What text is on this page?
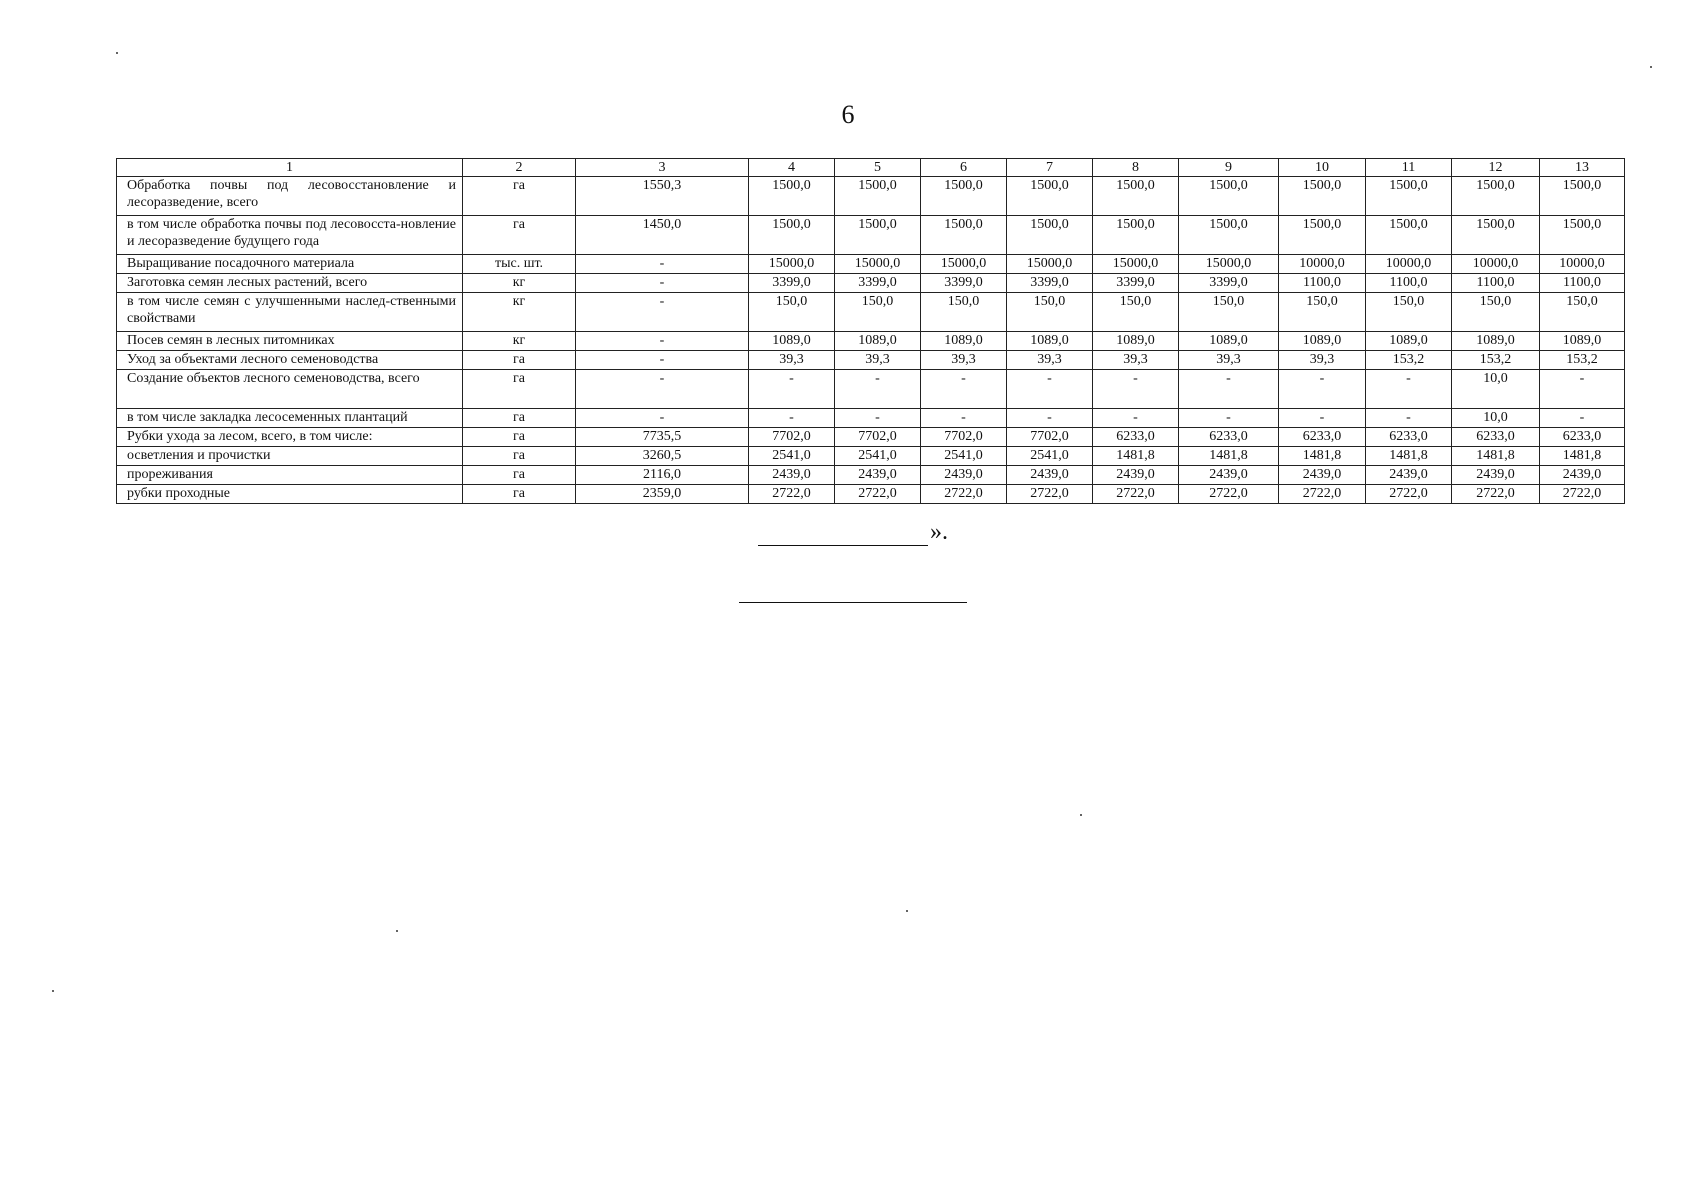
6
1	2	3	4	5	6	7	8	9	10	11	12	13
Обработка почвы под лесовосстановление и лесоразведение, всего	га	1550,3	1500,0	1500,0	1500,0	1500,0	1500,0	1500,0	1500,0	1500,0	1500,0	1500,0
в том числе обработка почвы под лесовосста-новление и лесоразведение будущего года	га	1450,0	1500,0	1500,0	1500,0	1500,0	1500,0	1500,0	1500,0	1500,0	1500,0	1500,0
Выращивание посадочного материала	тыс. шт.	-	15000,0	15000,0	15000,0	15000,0	15000,0	15000,0	10000,0	10000,0	10000,0	10000,0
Заготовка семян лесных растений, всего	кг	-	3399,0	3399,0	3399,0	3399,0	3399,0	3399,0	1100,0	1100,0	1100,0	1100,0
в том числе семян с улучшенными наслед-ственными свойствами	кг	-	150,0	150,0	150,0	150,0	150,0	150,0	150,0	150,0	150,0	150,0
Посев семян в лесных питомниках	кг	-	1089,0	1089,0	1089,0	1089,0	1089,0	1089,0	1089,0	1089,0	1089,0	1089,0
Уход за объектами лесного семеноводства	га	-	39,3	39,3	39,3	39,3	39,3	39,3	39,3	153,2	153,2	153,2
Создание объектов лесного семеноводства, всего	га	-	-	-	-	-	-	-	-	-	10,0	-
в том числе закладка лесосеменных плантаций	га	-	-	-	-	-	-	-	-	-	10,0	-
Рубки ухода за лесом, всего, в том числе:	га	7735,5	7702,0	7702,0	7702,0	7702,0	6233,0	6233,0	6233,0	6233,0	6233,0	6233,0
осветления и прочистки	га	3260,5	2541,0	2541,0	2541,0	2541,0	1481,8	1481,8	1481,8	1481,8	1481,8	1481,8
прореживания	га	2116,0	2439,0	2439,0	2439,0	2439,0	2439,0	2439,0	2439,0	2439,0	2439,0	2439,0
рубки проходные	га	2359,0	2722,0	2722,0	2722,0	2722,0	2722,0	2722,0	2722,0	2722,0	2722,0	2722,0
».
